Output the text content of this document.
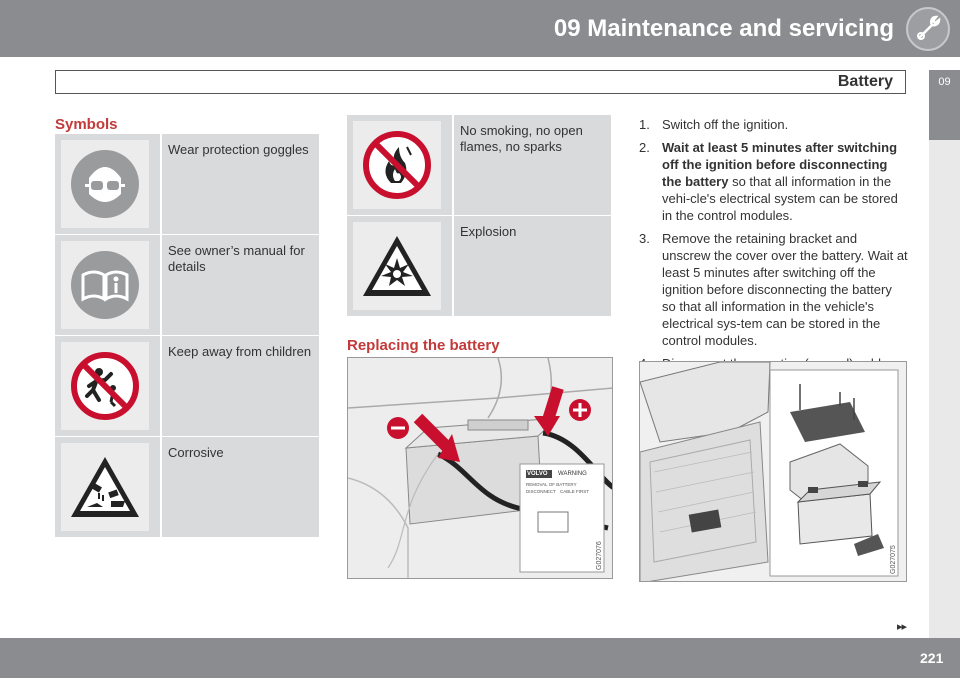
09 Maintenance and servicing
Battery	09
Symbols
Wear protection goggles
See owner’s manual for details
Keep away from children
Corrosive
No smoking, no open flames, no sparks
Explosion
Replacing the battery
VOLVO WARNING
REMOVAL OF BATTERY
DISCONNECT CABLE FIRST
G027076
1. Switch off the ignition.
2. Wait at least 5 minutes after switching off the ignition before disconnecting the battery so that all information in the vehi-cle's electrical system can be stored in the control modules.
3. Remove the retaining bracket and unscrew the cover over the battery. Wait at least 5 minutes after switching off the ignition before disconnecting the battery so that all information in the vehicle's electrical sys-tem can be stored in the control modules.
G027075
▸▸
221
